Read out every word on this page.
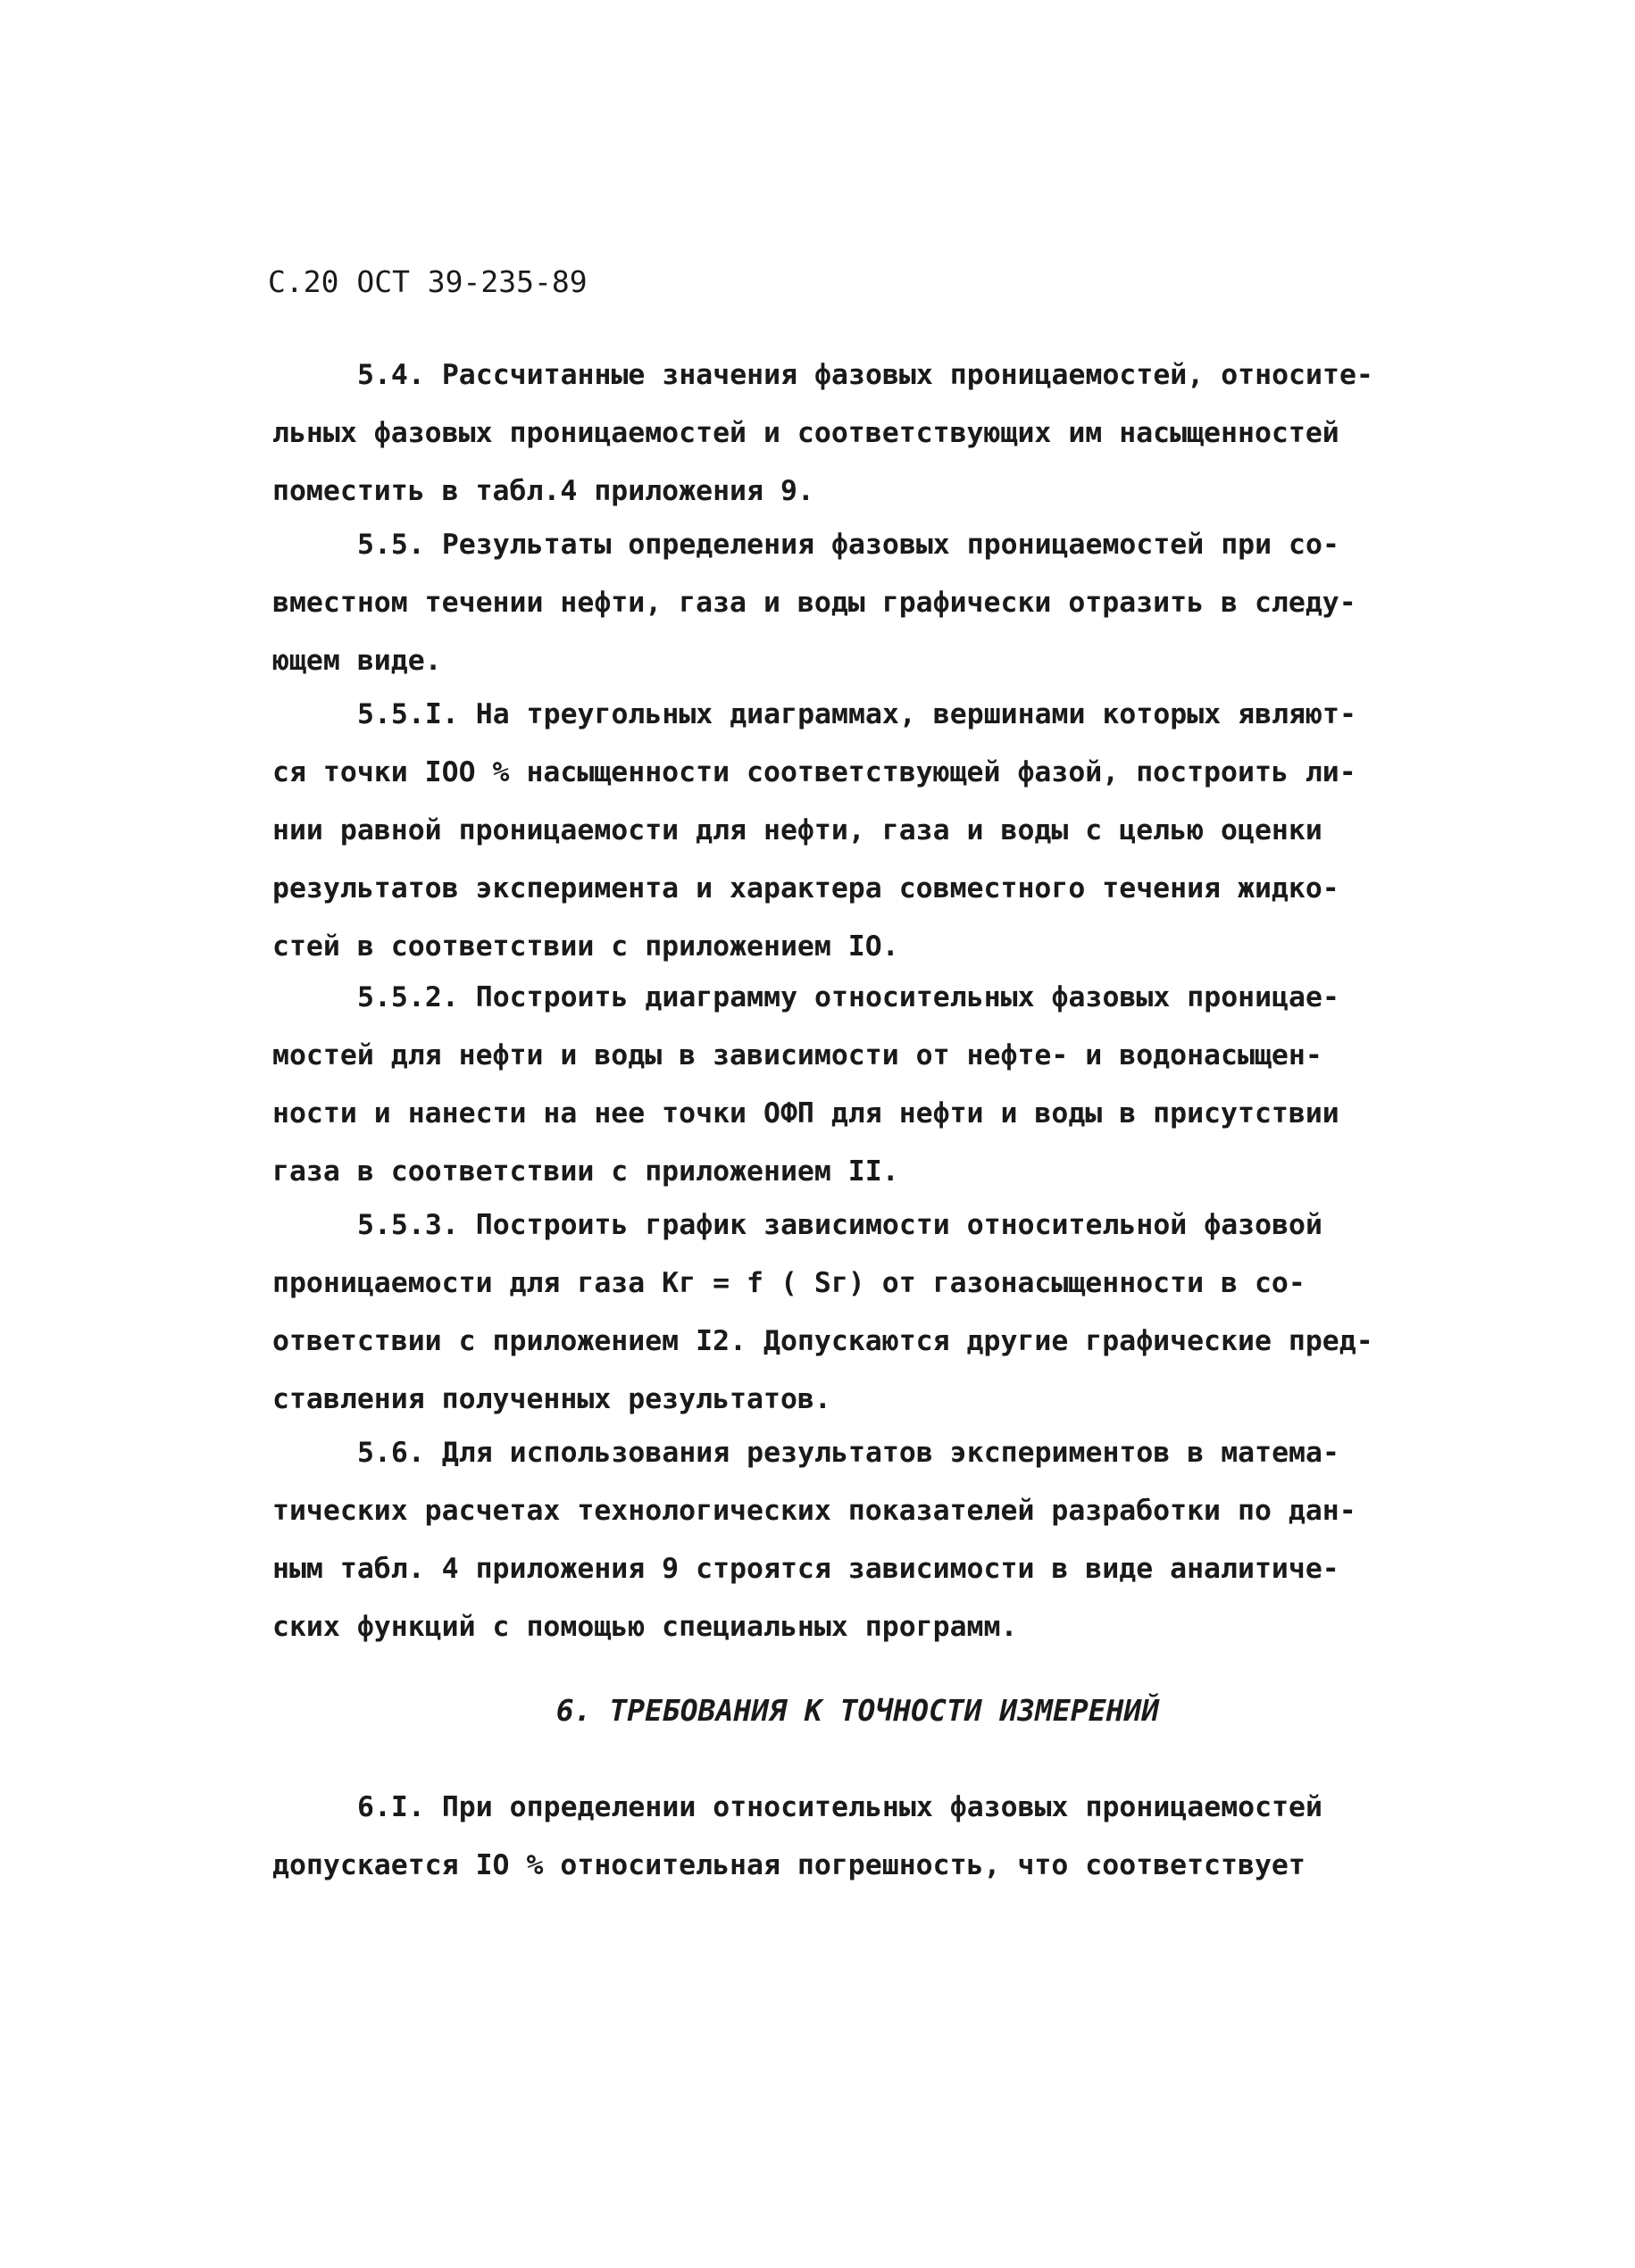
С.20 ОСТ 39-235-89
5.4. Рассчитанные значения фазовых проницаемостей, относите-
льных фазовых проницаемостей и соответствующих им насыщенностей
поместить в табл.4 приложения 9.
5.5. Результаты определения фазовых проницаемостей при со-
вместном течении нефти, газа и воды графически отразить в следу-
ющем виде.
5.5.I. На треугольных диаграммах, вершинами которых являют-
ся точки IOO % насыщенности соответствующей фазой, построить ли-
нии равной проницаемости для нефти, газа и воды с целью оценки
результатов эксперимента и характера совместного течения жидко-
стей в соответствии с приложением IO.
5.5.2. Построить диаграмму относительных фазовых проницае-
мостей для нефти и воды в зависимости от нефте- и водонасыщен-
ности и нанести на нее точки ОФП для нефти и воды в присутствии
газа в соответствии с приложением II.
5.5.3. Построить график зависимости относительной фазовой
проницаемости для газа Кг = f ( Sг) от газонасыщенности в со-
ответствии с приложением I2. Допускаются другие графические пред-
ставления полученных результатов.
5.6. Для использования результатов экспериментов в матема-
тических расчетах технологических показателей разработки по дан-
ным табл. 4 приложения 9 строятся зависимости в виде аналитиче-
ских функций с помощью специальных программ.
6. ТРЕБОВАНИЯ К ТОЧНОСТИ ИЗМЕРЕНИЙ
6.I. При определении относительных фазовых проницаемостей
допускается IO % относительная погрешность, что соответствует
